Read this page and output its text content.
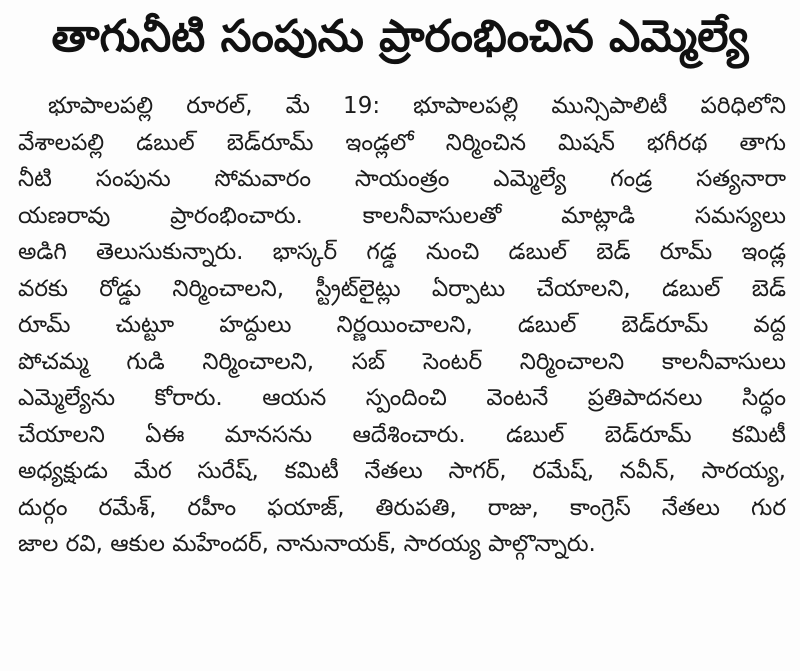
తాగునీటి సంపును ప్రారంభించిన ఎమ్మెల్యే
భూపాలపల్లి రూరల్, మే 19: భూపాలపల్లి మున్సిపాలిటీ పరిధిలోని
వేశాలపల్లి డబుల్ బెడ్‌రూమ్ ఇండ్లలో నిర్మించిన మిషన్ భగీరథ తాగు
నీటి సంపును సోమవారం సాయంత్రం ఎమ్మెల్యే గండ్ర సత్యనారా
యణరావు ప్రారంభించారు. కాలనీవాసులతో మాట్లాడి సమస్యలు
అడిగి తెలుసుకున్నారు. భాస్కర్ గడ్డ నుంచి డబుల్ బెడ్ రూమ్ ఇండ్ల
వరకు రోడ్డు నిర్మించాలని, స్ట్రీట్‌లైట్లు ఏర్పాటు చేయాలని, డబుల్ బెడ్
రూమ్ చుట్టూ హద్దులు నిర్ణయించాలని, డబుల్ బెడ్‌రూమ్ వద్ద
పోచమ్మ గుడి నిర్మించాలని, సబ్ సెంటర్ నిర్మించాలని కాలనీవాసులు
ఎమ్మెల్యేను కోరారు. ఆయన స్పందించి వెంటనే ప్రతిపాదనలు సిద్ధం
చేయాలని ఏఈ మానసను ఆదేశించారు. డబుల్ బెడ్‌రూమ్ కమిటీ
అధ్యక్షుడు మేర సురేష్, కమిటీ నేతలు సాగర్, రమేష్, నవీన్, సారయ్య,
దుర్గం రమేశ్, రహీం ఫయాజ్, తిరుపతి, రాజు, కాంగ్రెస్ నేతలు గుర
జాల రవి, ఆకుల మహేందర్, నానునాయక్, సారయ్య పాల్గొన్నారు.
